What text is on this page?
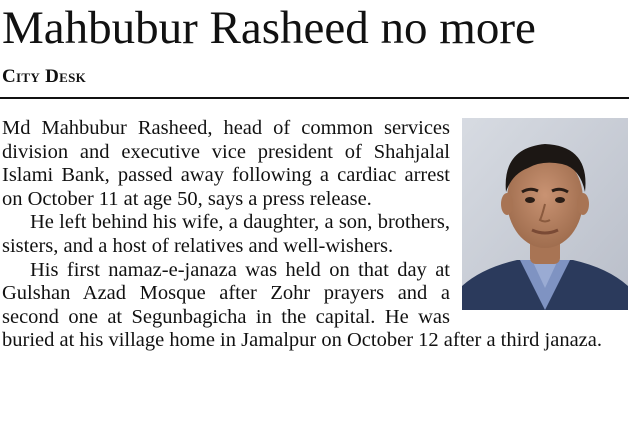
Mahbubur Rasheed no more
City Desk

Md Mahbubur Rasheed, head of common services division and executive vice president of Shahjalal Islami Bank, passed away following a cardiac arrest on October 11 at age 50, says a press release.

He left behind his wife, a daughter, a son, brothers, sisters, and a host of relatives and well-wishers.

His first namaz-e-janaza was held on that day at Gulshan Azad Mosque after Zohr prayers and a second one at Segunbagicha in the capital. He was buried at his village home in Jamalpur on October 12 after a third janaza.
